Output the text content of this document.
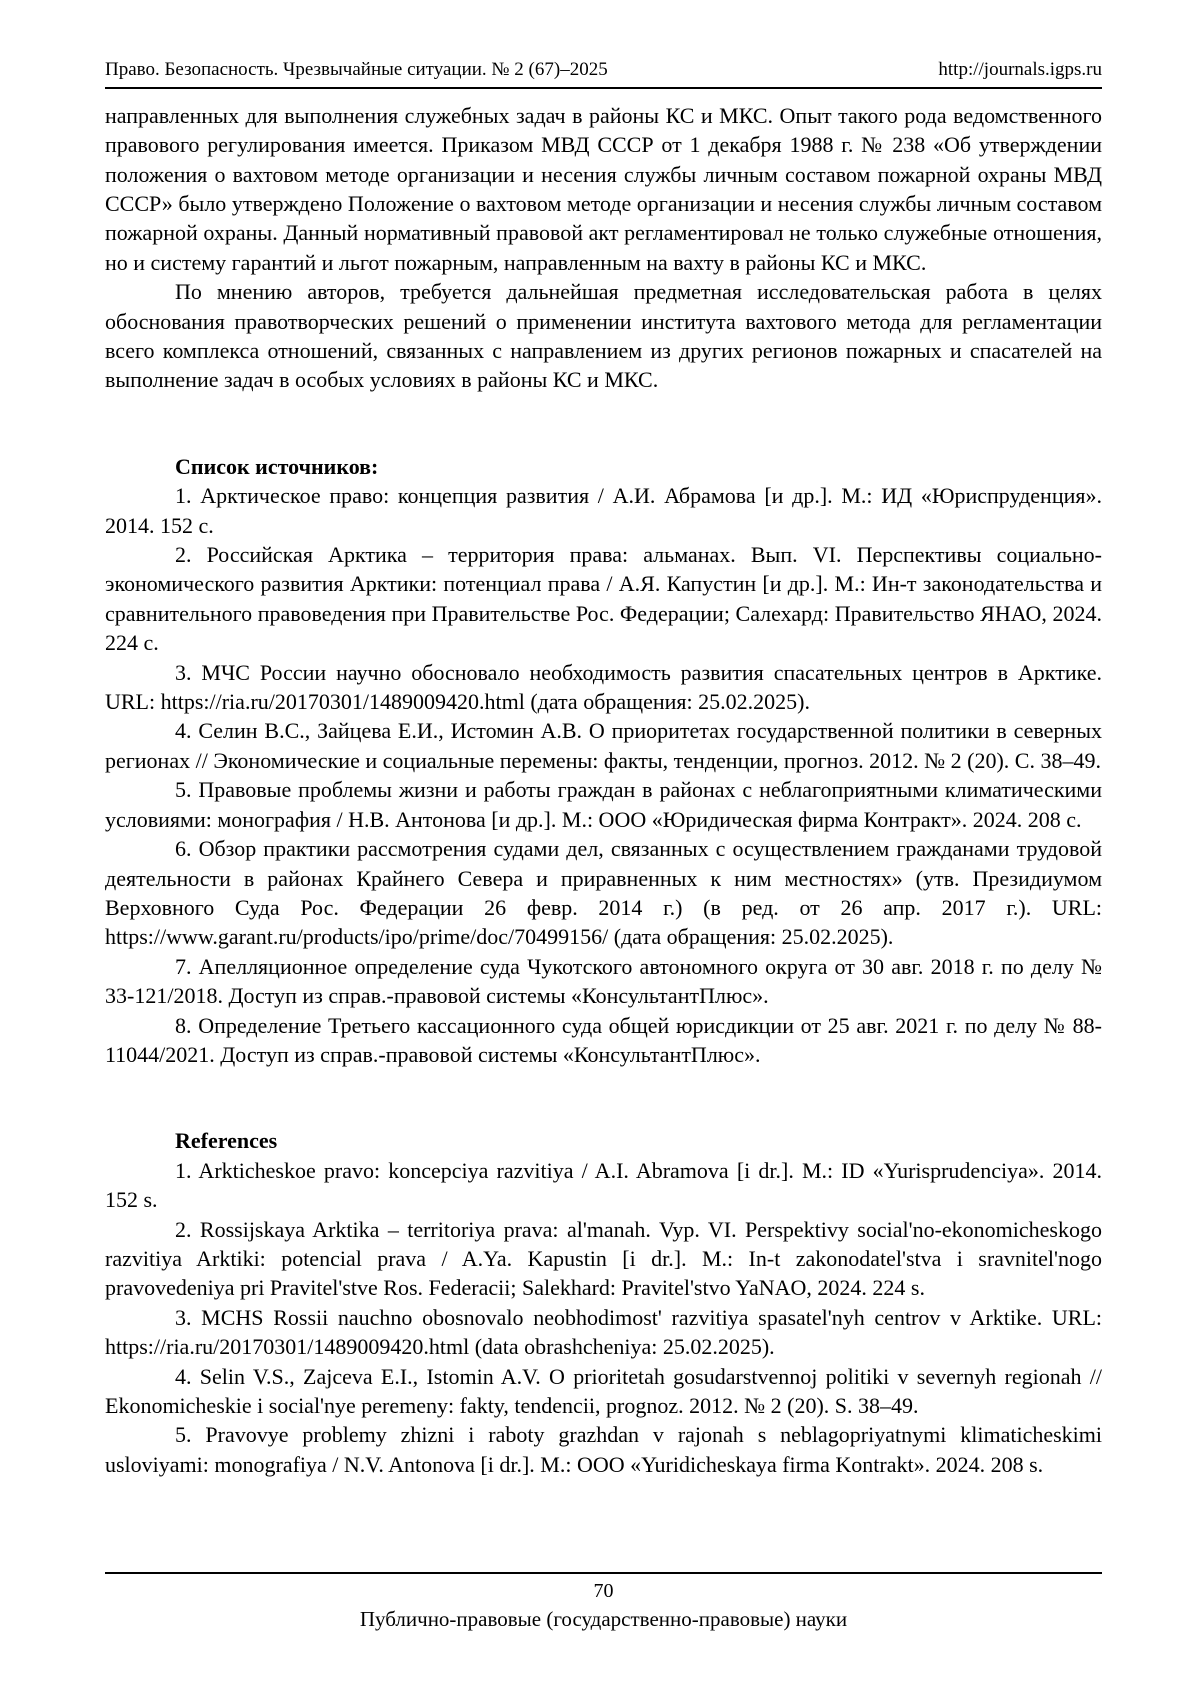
Право. Безопасность. Чрезвычайные ситуации. № 2 (67)–2025	http://journals.igps.ru

направленных для выполнения служебных задач в районы КС и МКС. Опыт такого рода ведомственного правового регулирования имеется. Приказом МВД СССР от 1 декабря 1988 г. № 238 «Об утверждении положения о вахтовом методе организации и несения службы личным составом пожарной охраны МВД СССР» было утверждено Положение о вахтовом методе организации и несения службы личным составом пожарной охраны. Данный нормативный правовой акт регламентировал не только служебные отношения, но и систему гарантий и льгот пожарным, направленным на вахту в районы КС и МКС.

По мнению авторов, требуется дальнейшая предметная исследовательская работа в целях обоснования правотворческих решений о применении института вахтового метода для регламентации всего комплекса отношений, связанных с направлением из других регионов пожарных и спасателей на выполнение задач в особых условиях в районы КС и МКС.

Список источников:

1. Арктическое право: концепция развития / А.И. Абрамова [и др.]. М.: ИД «Юриспруденция». 2014. 152 с.

2. Российская Арктика – территория права: альманах. Вып. VI. Перспективы социально-экономического развития Арктики: потенциал права / А.Я. Капустин [и др.]. М.: Ин-т законодательства и сравнительного правоведения при Правительстве Рос. Федерации; Салехард: Правительство ЯНАО, 2024. 224 с.

3. МЧС России научно обосновало необходимость развития спасательных центров в Арктике. URL: https://ria.ru/20170301/1489009420.html (дата обращения: 25.02.2025).

4. Селин В.С., Зайцева Е.И., Истомин А.В. О приоритетах государственной политики в северных регионах // Экономические и социальные перемены: факты, тенденции, прогноз. 2012. № 2 (20). С. 38–49.

5. Правовые проблемы жизни и работы граждан в районах с неблагоприятными климатическими условиями: монография / Н.В. Антонова [и др.]. М.: ООО «Юридическая фирма Контракт». 2024. 208 с.

6. Обзор практики рассмотрения судами дел, связанных с осуществлением гражданами трудовой деятельности в районах Крайнего Севера и приравненных к ним местностях» (утв. Президиумом Верховного Суда Рос. Федерации 26 февр. 2014 г.) (в ред. от 26 апр. 2017 г.). URL: https://www.garant.ru/products/ipo/prime/doc/70499156/ (дата обращения: 25.02.2025).

7. Апелляционное определение суда Чукотского автономного округа от 30 авг. 2018 г. по делу № 33-121/2018. Доступ из справ.-правовой системы «КонсультантПлюс».

8. Определение Третьего кассационного суда общей юрисдикции от 25 авг. 2021 г. по делу № 88-11044/2021. Доступ из справ.-правовой системы «КонсультантПлюс».

References

1. Arkticheskoe pravo: koncepciya razvitiya / A.I. Abramova [i dr.]. M.: ID «Yurisprudenciya». 2014. 152 s.

2. Rossijskaya Arktika – territoriya prava: al'manah. Vyp. VI. Perspektivy social'no-ekonomicheskogo razvitiya Arktiki: potencial prava / A.Ya. Kapustin [i dr.]. M.: In-t zakonodatel'stva i sravnitel'nogo pravovedeniya pri Pravitel'stve Ros. Federacii; Salekhard: Pravitel'stvo YaNAO, 2024. 224 s.

3. MCHS Rossii nauchno obosnovalo neobhodimost' razvitiya spasatel'nyh centrov v Arktike. URL: https://ria.ru/20170301/1489009420.html (data obrashcheniya: 25.02.2025).

4. Selin V.S., Zajceva E.I., Istomin A.V. O prioritetah gosudarstvennoj politiki v severnyh regionah // Ekonomicheskie i social'nye peremeny: fakty, tendencii, prognoz. 2012. № 2 (20). S. 38–49.

5. Pravovye problemy zhizni i raboty grazhdan v rajonah s neblagopriyatnymi klimaticheskimi usloviyami: monografiya / N.V. Antonova [i dr.]. M.: OOO «Yuridicheskaya firma Kontrakt». 2024. 208 s.

70
Публично-правовые (государственно-правовые) науки
